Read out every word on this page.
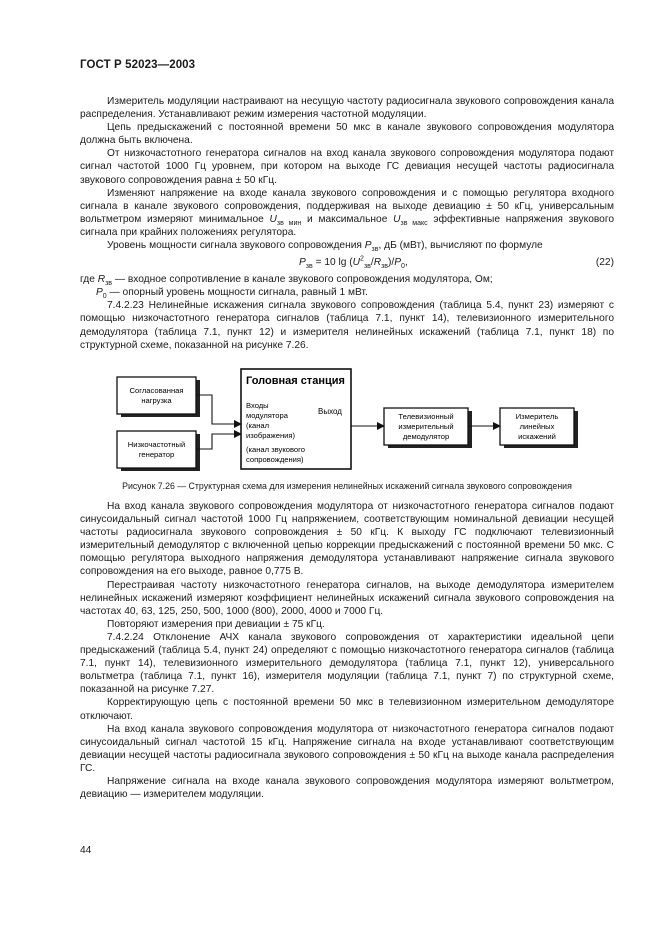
ГОСТ Р 52023—2003

Измеритель модуляции настраивают на несущую частоту радиосигнала звукового сопровождения канала распределения. Устанавливают режим измерения частотной модуляции.

Цепь предыскажений с постоянной времени 50 мкс в канале звукового сопровождения модулятора должна быть включена.

От низкочастотного генератора сигналов на вход канала звукового сопровождения модулятора подают сигнал частотой 1000 Гц уровнем, при котором на выходе ГС девиация несущей частоты радиосигнала звукового сопровождения равна ± 50 кГц.

Изменяют напряжение на входе канала звукового сопровождения и с помощью регулятора входного сигнала в канале звукового сопровождения, поддерживая на выходе девиацию ± 50 кГц, универсальным вольтметром измеряют минимальное $U_{зв мин}$ и максимальное $U_{зв макс}$ эффективные напряжения звукового сигнала при крайних положениях регулятора.

Уровень мощности сигнала звукового сопровождения $P_{зв}$, дБ (мВт), вычисляют по формуле

$P_{зв} = 10$ $\lg (U^2_{зв}/R_{зв})/P_0$,	(22)

где $R_{зв}$ — входное сопротивление в канале звукового сопровождения модулятора, Ом;

$P_0$ — опорный уровень мощности сигнала, равный 1 мВт.

7.4.2.23 Нелинейные искажения сигнала звукового сопровождения (таблица 5.4, пункт 23) измеряют с помощью низкочастотного генератора сигналов (таблица 7.1, пункт 14), телевизионного измерительного демодулятора (таблица 7.1, пункт 12) и измерителя нелинейных искажений (таблица 7.1, пункт 18) по структурной схеме, показанной на рисунке 7.26.

Согласованная
нагрузка
Низкочастотный
генератор
Головная станция
Входы
модулятора
(канал
изображения)
(канал звукового
сопровождения)
Выход
Телевизионный
измерительный
демодулятор
Измеритель
линейных
искажений
Рисунок 7.26 — Структурная схема для измерения нелинейных искажений сигнала звукового сопровождения

На вход канала звукового сопровождения модулятора от низкочастотного генератора сигналов подают синусоидальный сигнал частотой 1000 Гц напряжением, соответствующим номинальной девиации несущей частоты радиосигнала звукового сопровождения ± 50 кГц. К выходу ГС подключают телевизионный измерительный демодулятор с включенной цепью коррекции предыскажений с постоянной времени 50 мкс. С помощью регулятора выходного напряжения демодулятора устанавливают напряжение сигнала звукового сопровождения на его выходе, равное 0,775 В.

Перестраивая частоту низкочастотного генератора сигналов, на выходе демодулятора измерителем нелинейных искажений измеряют коэффициент нелинейных искажений сигнала звукового сопровождения на частотах 40, 63, 125, 250, 500, 1000 (800), 2000, 4000 и 7000 Гц.

Повторяют измерения при девиации ± 75 кГц.

7.4.2.24 Отклонение АЧХ канала звукового сопровождения от характеристики идеальной цепи предыскажений (таблица 5.4, пункт 24) определяют с помощью низкочастотного генератора сигналов (таблица 7.1, пункт 14), телевизионного измерительного демодулятора (таблица 7.1, пункт 12), универсального вольтметра (таблица 7.1, пункт 16), измерителя модуляции (таблица 7.1, пункт 7) по структурной схеме, показанной на рисунке 7.27.

Корректирующую цепь с постоянной времени 50 мкс в телевизионном измерительном демодуляторе отключают.

На вход канала звукового сопровождения модулятора от низкочастотного генератора сигналов подают синусоидальный сигнал частотой 15 кГц. Напряжение сигнала на входе устанавливают соответствующим девиации несущей частоты радиосигнала звукового сопровождения ± 50 кГц на выходе канала распределения ГС.

Напряжение сигнала на входе канала звукового сопровождения модулятора измеряют вольтметром, девиацию — измерителем модуляции.

44
